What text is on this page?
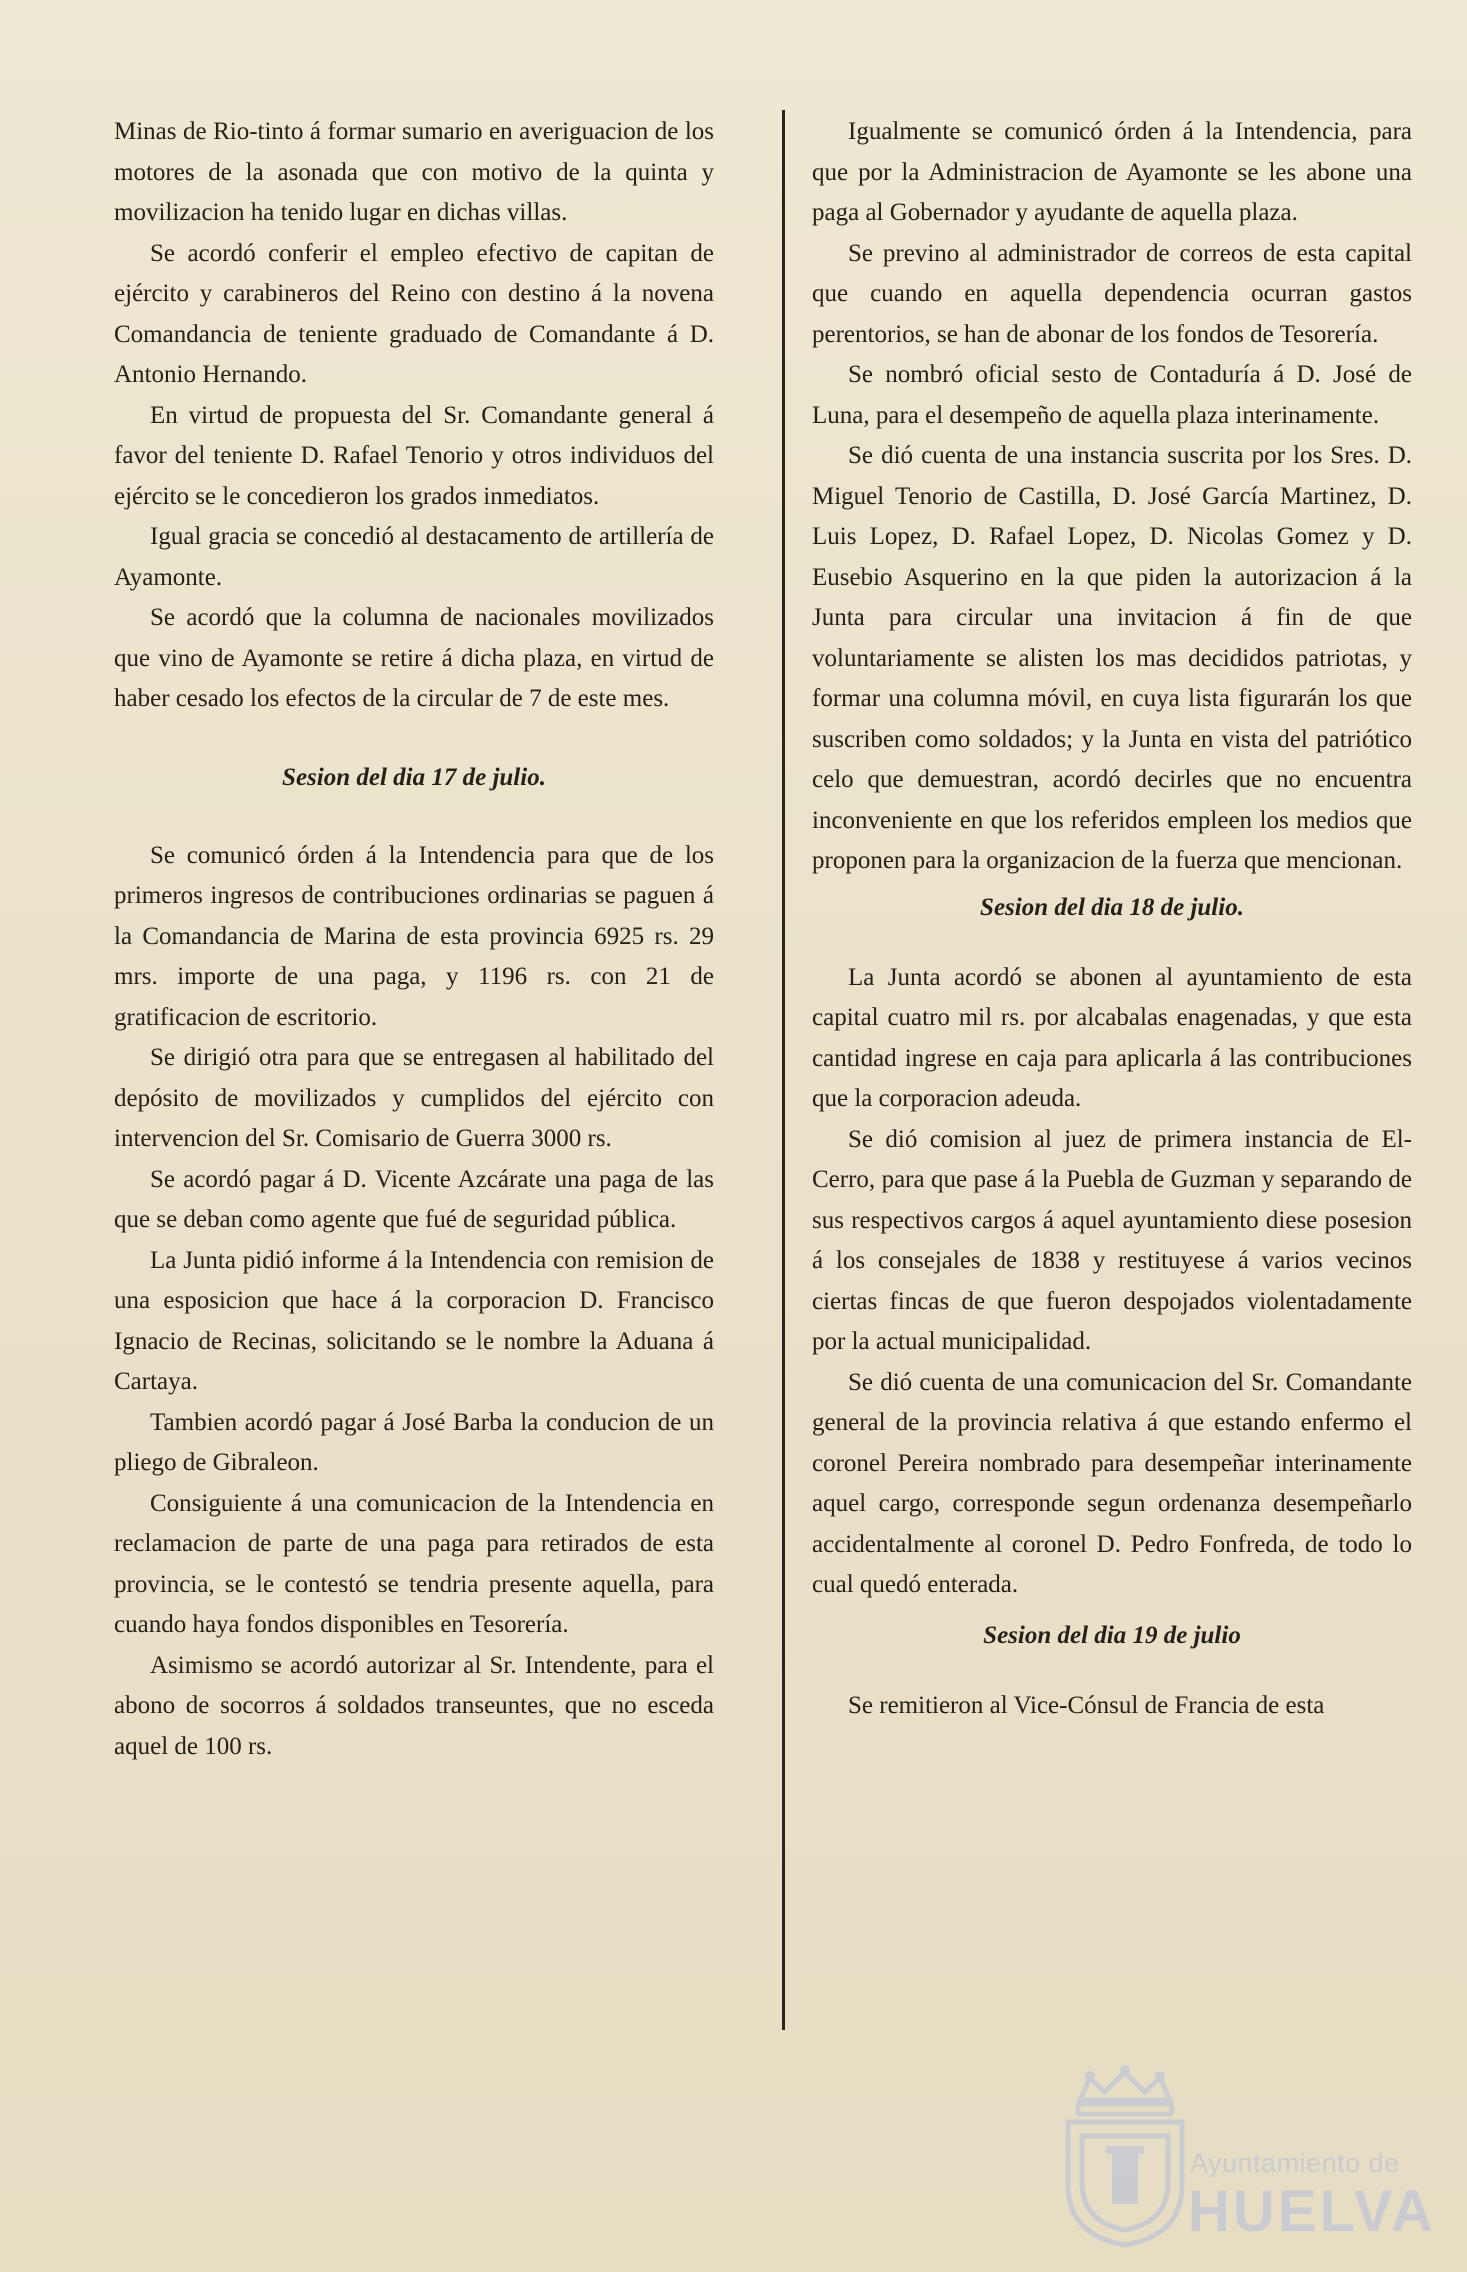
Minas de Rio-tinto á formar sumario en averiguacion de los motores de la asonada que con motivo de la quinta y movilizacion ha tenido lugar en dichas villas.

Se acordó conferir el empleo efectivo de capitan de ejército y carabineros del Reino con destino á la novena Comandancia de teniente graduado de Comandante á D. Antonio Hernando.

En virtud de propuesta del Sr. Comandante general á favor del teniente D. Rafael Tenorio y otros individuos del ejército se le concedieron los grados inmediatos.

Igual gracia se concedió al destacamento de artillería de Ayamonte.

Se acordó que la columna de nacionales movilizados que vino de Ayamonte se retire á dicha plaza, en virtud de haber cesado los efectos de la circular de 7 de este mes.

Sesion del dia 17 de julio.

Se comunicó órden á la Intendencia para que de los primeros ingresos de contribuciones ordinarias se paguen á la Comandancia de Marina de esta provincia 6925 rs. 29 mrs. importe de una paga, y 1196 rs. con 21 de gratificacion de escritorio.

Se dirigió otra para que se entregasen al habilitado del depósito de movilizados y cumplidos del ejército con intervencion del Sr. Comisario de Guerra 3000 rs.

Se acordó pagar á D. Vicente Azcárate una paga de las que se deban como agente que fué de seguridad pública.

La Junta pidió informe á la Intendencia con remision de una esposicion que hace á la corporacion D. Francisco Ignacio de Recinas, solicitando se le nombre la Aduana á Cartaya.

Tambien acordó pagar á José Barba la conducion de un pliego de Gibraleon.

Consiguiente á una comunicacion de la Intendencia en reclamacion de parte de una paga para retirados de esta provincia, se le contestó se tendria presente aquella, para cuando haya fondos disponibles en Tesorería.

Asimismo se acordó autorizar al Sr. Intendente, para el abono de socorros á soldados transeuntes, que no esceda aquel de 100 rs.

Igualmente se comunicó órden á la Intendencia, para que por la Administracion de Ayamonte se les abone una paga al Gobernador y ayudante de aquella plaza.

Se previno al administrador de correos de esta capital que cuando en aquella dependencia ocurran gastos perentorios, se han de abonar de los fondos de Tesorería.

Se nombró oficial sesto de Contaduría á D. José de Luna, para el desempeño de aquella plaza interinamente.

Se dió cuenta de una instancia suscrita por los Sres. D. Miguel Tenorio de Castilla, D. José García Martinez, D. Luis Lopez, D. Rafael Lopez, D. Nicolas Gomez y D. Eusebio Asquerino en la que piden la autorizacion á la Junta para circular una invitacion á fin de que voluntariamente se alisten los mas decididos patriotas, y formar una columna móvil, en cuya lista figurarán los que suscriben como soldados; y la Junta en vista del patriótico celo que demuestran, acordó decirles que no encuentra inconveniente en que los referidos empleen los medios que proponen para la organizacion de la fuerza que mencionan.

Sesion del dia 18 de julio.

La Junta acordó se abonen al ayuntamiento de esta capital cuatro mil rs. por alcabalas enagenadas, y que esta cantidad ingrese en caja para aplicarla á las contribuciones que la corporacion adeuda.

Se dió comision al juez de primera instancia de El-Cerro, para que pase á la Puebla de Guzman y separando de sus respectivos cargos á aquel ayuntamiento diese posesion á los consejales de 1838 y restituyese á varios vecinos ciertas fincas de que fueron despojados violentadamente por la actual municipalidad.

Se dió cuenta de una comunicacion del Sr. Comandante general de la provincia relativa á que estando enfermo el coronel Pereira nombrado para desempeñar interinamente aquel cargo, corresponde segun ordenanza desempeñarlo accidentalmente al coronel D. Pedro Fonfreda, de todo lo cual quedó enterada.

Sesion del dia 19 de julio

Se remitieron al Vice-Cónsul de Francia de esta

Ayuntamiento de
HUELVA
